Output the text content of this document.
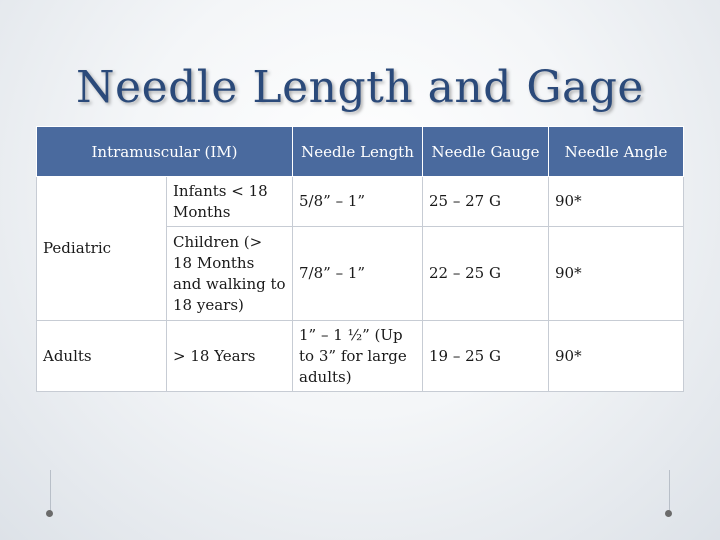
Needle Length and Gage
Intramuscular (IM)		Needle Length	Needle Gauge	Needle Angle
Pediatric	Infants < 18 Months	5/8” – 1”	25 – 27 G	90*
	Children (> 18 Months and walking to 18 years)	7/8” – 1”	22 – 25 G	90*
Adults	> 18 Years	1” – 1 ½” (Up to 3” for large adults)	19 – 25 G	90*
